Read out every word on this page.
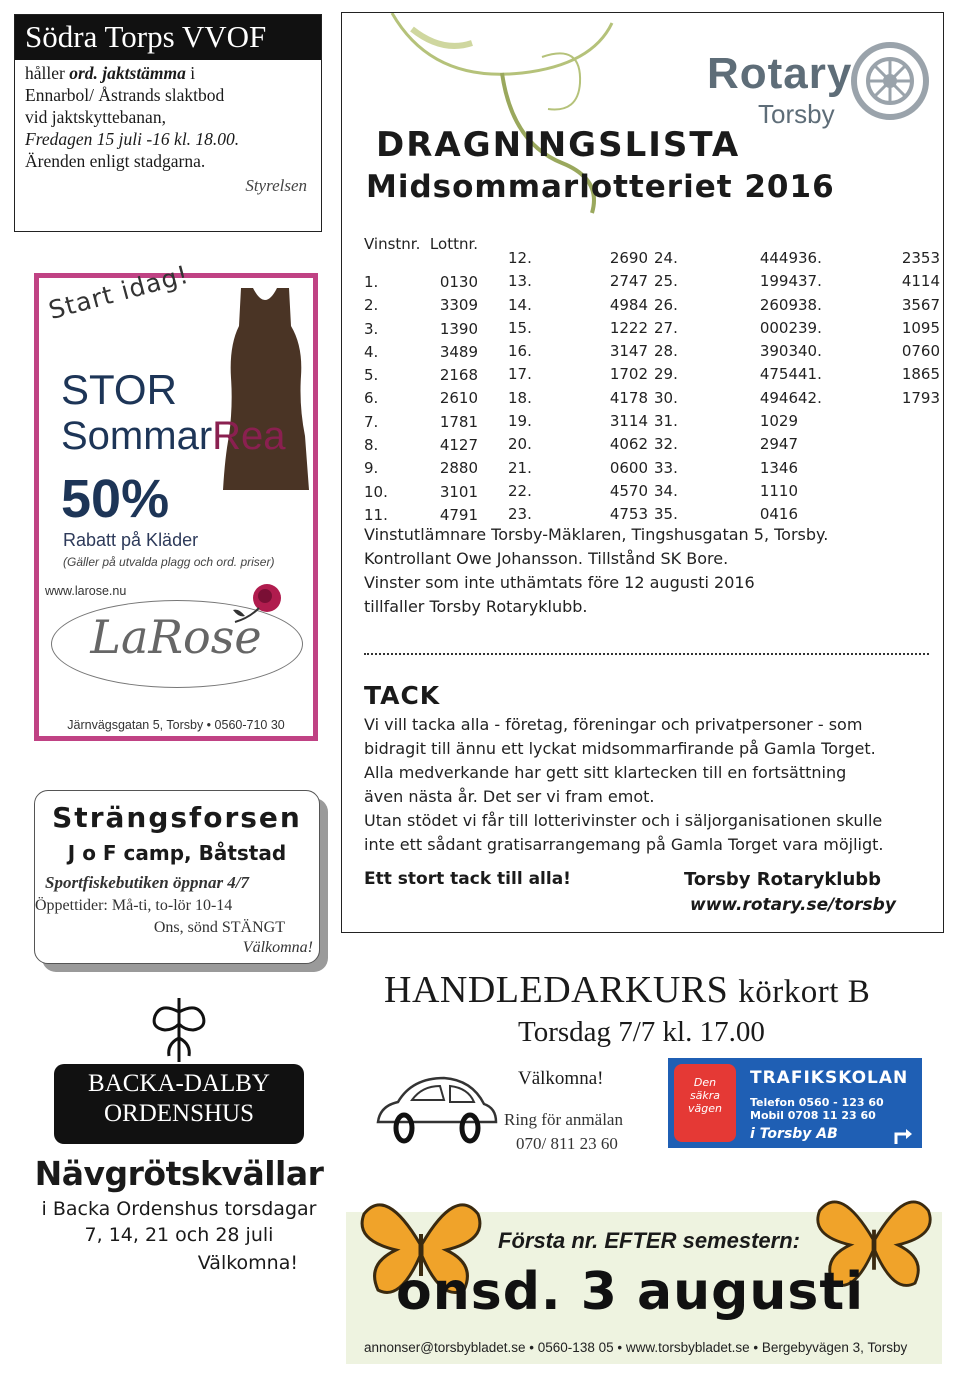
Södra Torps VVOF
håller ord. jaktstämma i
Ennarbol/ Åstrands slaktbod
vid jaktskyttebanan,
Fredagen 15 juli -16 kl. 18.00.
Ärenden enligt stadgarna.
Styrelsen
Start idag!
STOR
SommarRea
50%
Rabatt på Kläder
(Gäller på utvalda plagg och ord. priser)
www.larose.nu
LaRose
Järnvägsgatan 5, Torsby • 0560-710 30
Strängsforsen
J o F camp, Båtstad
Sportfiskebutiken öppnar 4/7
Öppettider: Må-ti, to-lör 10-14
Ons, sönd STÄNGT
Välkomna!
BACKA-DALBY
ORDENSHUS
Nävgrötskvällar
i Backa Ordenshus torsdagar
7, 14, 21 och 28 juli
Välkomna!
Rotary
Torsby
DRAGNINGSLISTA
Midsommarlotteriet 2016
Vinstnr. Lottnr.
1.	0130
2.	3309
3.	1390
4.	3489
5.	2168
6.	2610
7.	1781
8.	4127
9.	2880
10.	3101
11.	4791
12.	2690
13.	2747
14.	4984
15.	1222
16.	3147
17.	1702
18.	4178
19.	3114
20.	4062
21.	0600
22.	4570
23.	4753
24.	4449
25.	1994
26.	2609
27.	0002
28.	3903
29.	4754
30.	4946
31.	1029
32.	2947
33.	1346
34.	1110
35.	0416
36.	2353
37.	4114
38.	3567
39.	1095
40.	0760
41.	1865
42.	1793
Vinstutlämnare Torsby-Mäklaren, Tingshusgatan 5, Torsby.
Kontrollant Owe Johansson. Tillstånd SK Bore.
Vinster som inte uthämtats före 12 augusti 2016
tillfaller Torsby Rotaryklubb.
TACK
Vi vill tacka alla - företag, föreningar och privatpersoner - som
bidragit till ännu ett lyckat midsommarfirande på Gamla Torget.
Alla medverkande har gett sitt klartecken till en fortsättning
även nästa år. Det ser vi fram emot.
Utan stödet vi får till lotterivinster och i säljorganisationen skulle
inte ett sådant gratisarrangemang på Gamla Torget vara möjligt.
Ett stort tack till alla!	Torsby Rotaryklubb
www.rotary.se/torsby
HANDLEDARKURS körkort B
Torsdag 7/7 kl. 17.00
Välkomna!
Ring för anmälan
070/ 811 23 60
Den
säkra
vägen
TRAFIKSKOLAN
Telefon 0560 - 123 60
Mobil 0708 11 23 60
i Torsby AB
Första nr. EFTER semestern:
onsd. 3 augusti
annonser@torsbybladet.se • 0560-138 05 • www.torsbybladet.se • Bergebyvägen 3, Torsby
